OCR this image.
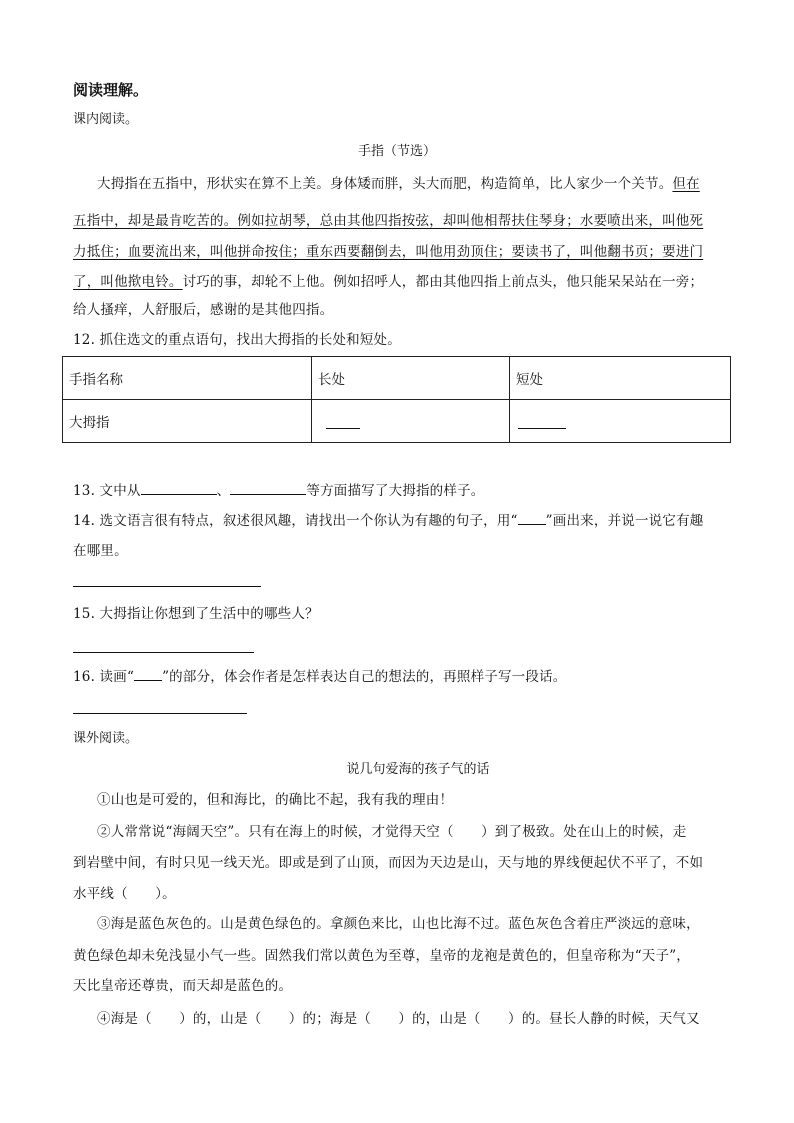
阅读理解。
课内阅读。
手指（节选）
大拇指在五指中，形状实在算不上美。身体矮而胖，头大而肥，构造简单，比人家少一个关节。但在
五指中，却是最肯吃苦的。例如拉胡琴，总由其他四指按弦，却叫他相帮扶住琴身；水要喷出来，叫他死
力抵住；血要流出来，叫他拼命按住；重东西要翻倒去，叫他用劲顶住；要读书了，叫他翻书页；要进门
了，叫他揿电铃。讨巧的事，却轮不上他。例如招呼人，都由其他四指上前点头，他只能呆呆站在一旁；
给人搔痒，人舒服后，感谢的是其他四指。
12. 抓住选文的重点语句，找出大拇指的长处和短处。
手指名称	长处	短处
大拇指		
13. 文中从	、	等方面描写了大拇指的样子。
14. 选文语言很有特点，叙述很风趣，请找出一个你认为有趣的句子，用“ ”画出来，并说一说它有趣
在哪里。
15. 大拇指让你想到了生活中的哪些人？
16. 读画“ ”的部分，体会作者是怎样表达自己的想法的，再照样子写一段话。
课外阅读。
说几句爱海的孩子气的话
①山也是可爱的，但和海比，的确比不起，我有我的理由！
②人常常说“海阔天空”。只有在海上的时候，才觉得天空（　　）到了极致。处在山上的时候，走
到岩壁中间，有时只见一线天光。即或是到了山顶，而因为天边是山，天与地的界线便起伏不平了，不如
水平线（　　）。
③海是蓝色灰色的。山是黄色绿色的。拿颜色来比，山也比海不过。蓝色灰色含着庄严淡远的意味，
黄色绿色却未免浅显小气一些。固然我们常以黄色为至尊，皇帝的龙袍是黄色的，但皇帝称为“天子”，
天比皇帝还尊贵，而天却是蓝色的。
④海是（　　）的，山是（　　）的；海是（　　）的，山是（　　）的。昼长人静的时候，天气又
